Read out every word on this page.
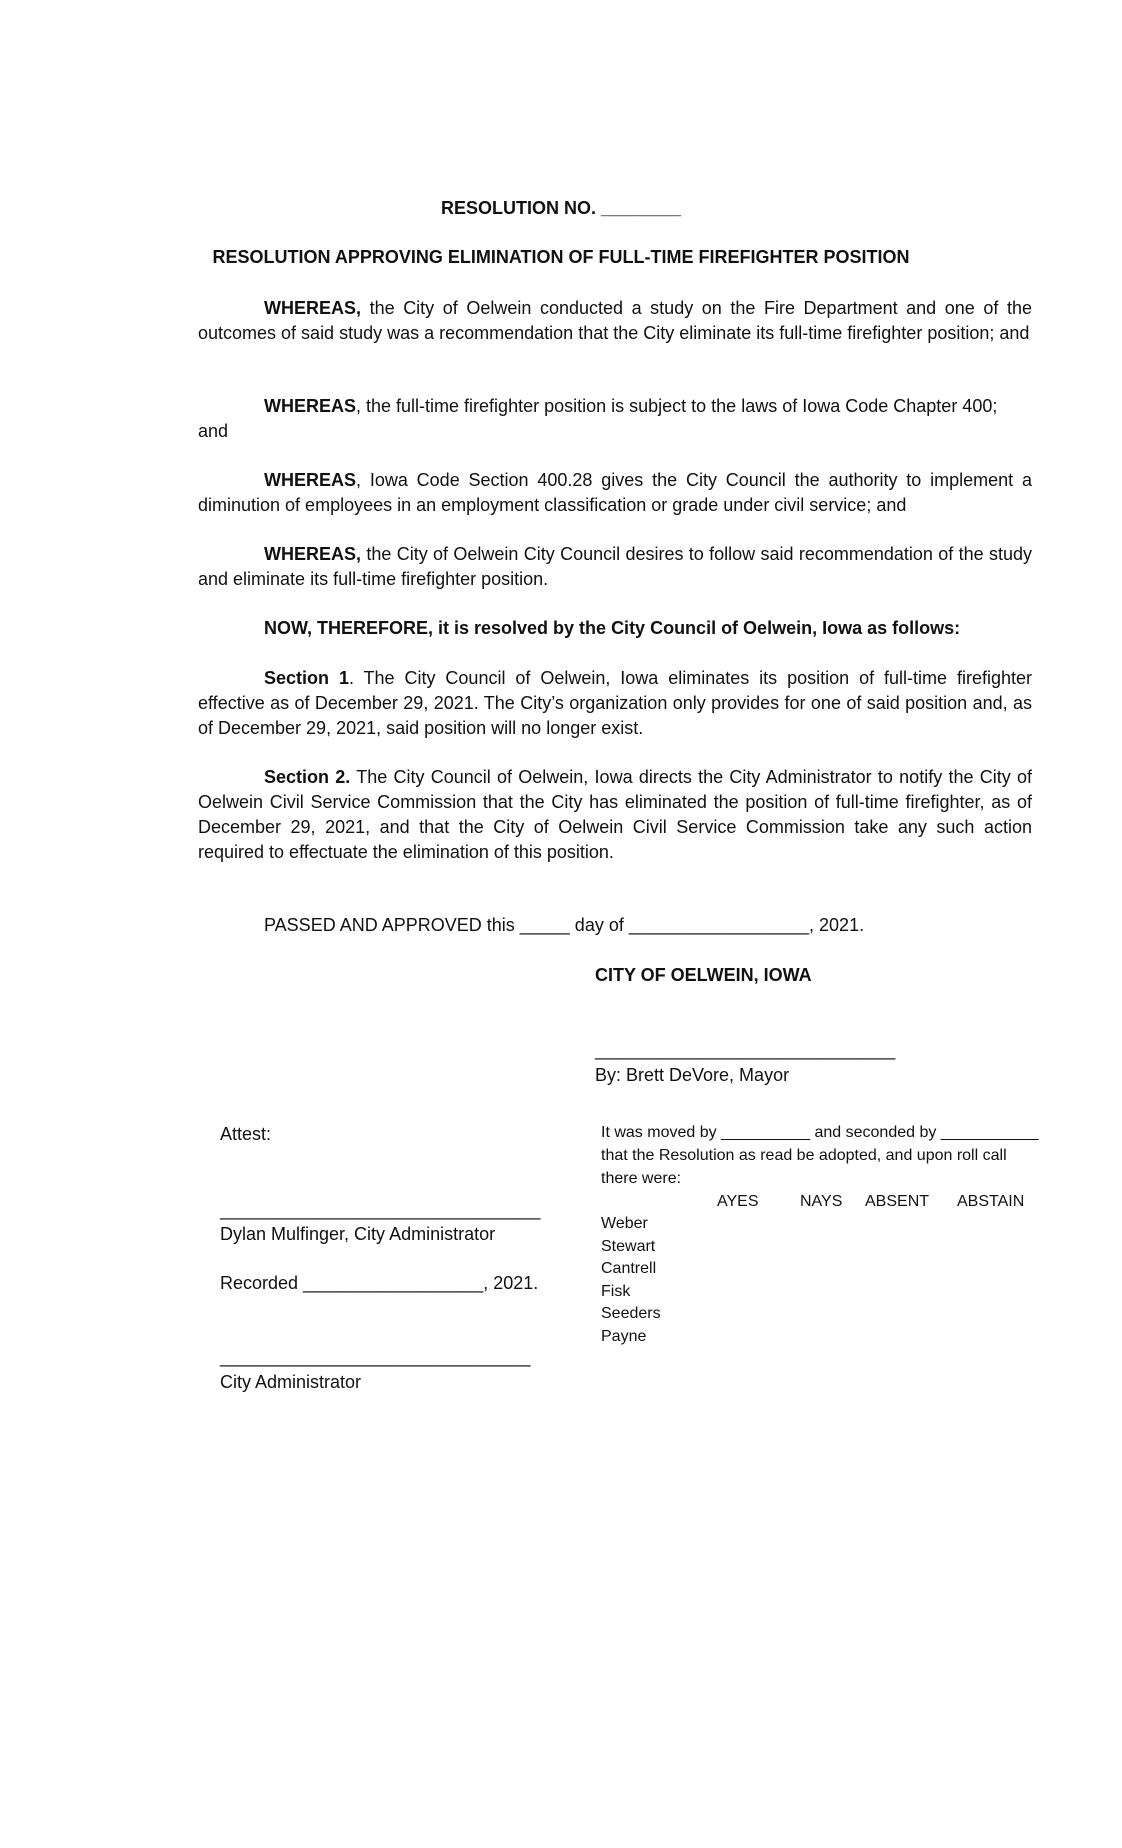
RESOLUTION NO. ________
RESOLUTION APPROVING ELIMINATION OF FULL-TIME FIREFIGHTER POSITION
WHEREAS, the City of Oelwein conducted a study on the Fire Department and one of the outcomes of said study was a recommendation that the City eliminate its full-time firefighter position; and
WHEREAS, the full-time firefighter position is subject to the laws of Iowa Code Chapter 400;
and
WHEREAS, Iowa Code Section 400.28 gives the City Council the authority to implement a diminution of employees in an employment classification or grade under civil service; and
WHEREAS, the City of Oelwein City Council desires to follow said recommendation of the study and eliminate its full-time firefighter position.
NOW, THEREFORE, it is resolved by the City Council of Oelwein, Iowa as follows:
Section 1. The City Council of Oelwein, Iowa eliminates its position of full-time firefighter effective as of December 29, 2021. The City’s organization only provides for one of said position and, as of December 29, 2021, said position will no longer exist.
Section 2. The City Council of Oelwein, Iowa directs the City Administrator to notify the City of Oelwein Civil Service Commission that the City has eliminated the position of full-time firefighter, as of December 29, 2021, and that the City of Oelwein Civil Service Commission take any such action required to effectuate the elimination of this position.
PASSED AND APPROVED this _____ day of __________________, 2021.
CITY OF OELWEIN, IOWA
______________________________
By: Brett DeVore, Mayor
Attest:
________________________________
Dylan Mulfinger, City Administrator
Recorded __________________, 2021.
_______________________________
City Administrator
It was moved by __________ and seconded by ___________
that the Resolution as read be adopted, and upon roll call
there were:
AYES	NAYS ABSENT ABSTAIN
Weber
Stewart
Cantrell
Fisk
Seeders
Payne
